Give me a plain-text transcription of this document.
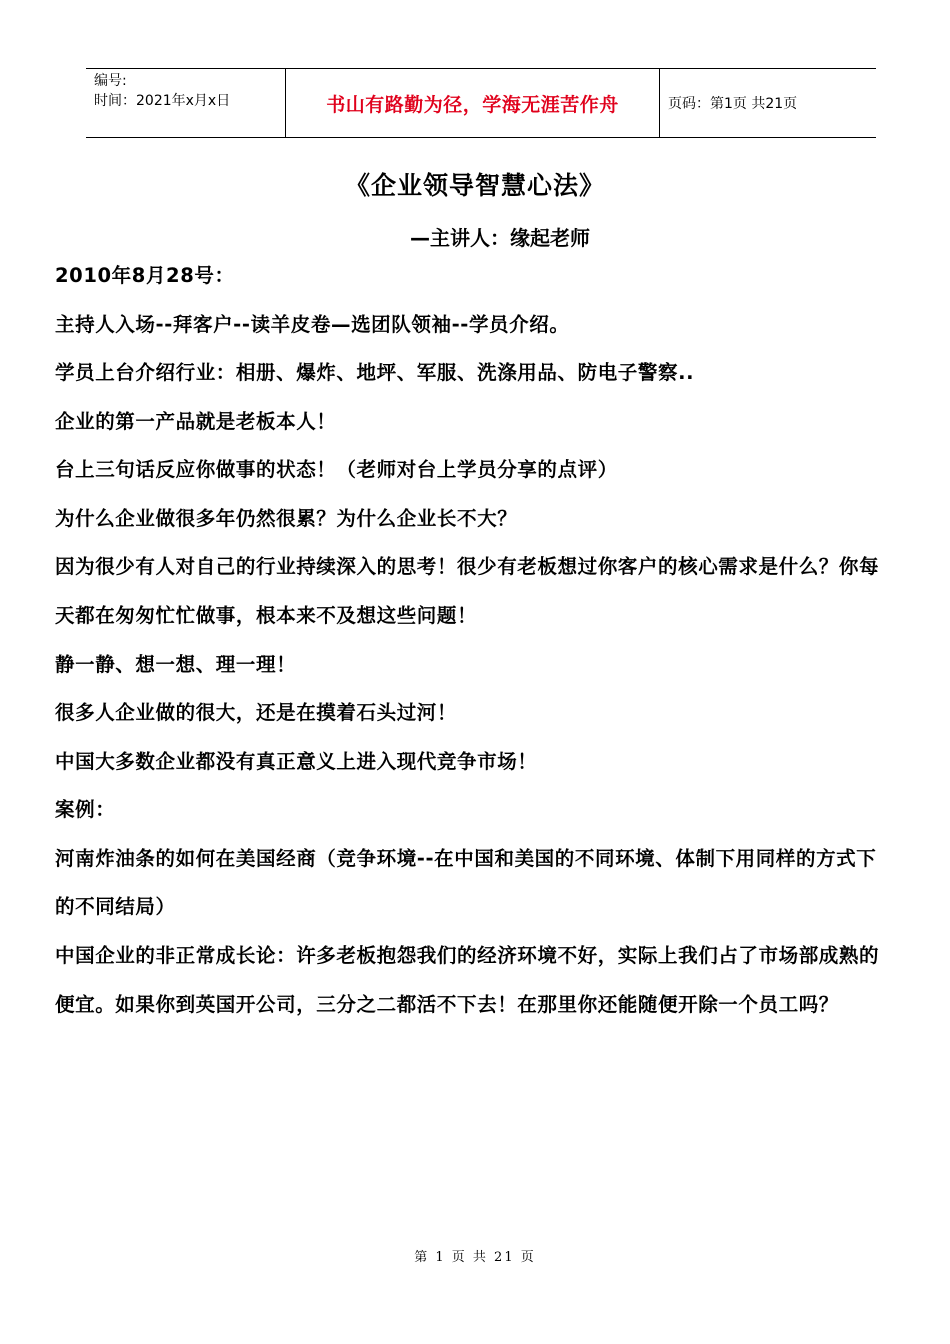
编号:
时间：2021年x月x日	书山有路勤为径，学海无涯苦作舟	页码：第1页 共21页
《企业领导智慧心法》
—主讲人：缘起老师

2010年8月28号：

主持人入场--拜客户--读羊皮卷—选团队领袖--学员介绍。

学员上台介绍行业：相册、爆炸、地坪、军服、洗涤用品、防电子警察..

企业的第一产品就是老板本人！

台上三句话反应你做事的状态！（老师对台上学员分享的点评）

为什么企业做很多年仍然很累？为什么企业长不大？

因为很少有人对自己的行业持续深入的思考！很少有老板想过你客户的核心需求是什么？你每天都在匆匆忙忙做事，根本来不及想这些问题！

静一静、想一想、理一理！

很多人企业做的很大，还是在摸着石头过河！

中国大多数企业都没有真正意义上进入现代竞争市场！

案例：

河南炸油条的如何在美国经商（竞争环境--在中国和美国的不同环境、体制下用同样的方式下的不同结局）

中国企业的非正常成长论：许多老板抱怨我们的经济环境不好，实际上我们占了市场部成熟的便宜。如果你到英国开公司，三分之二都活不下去！在那里你还能随便开除一个员工吗？

第 1 页 共 21 页
